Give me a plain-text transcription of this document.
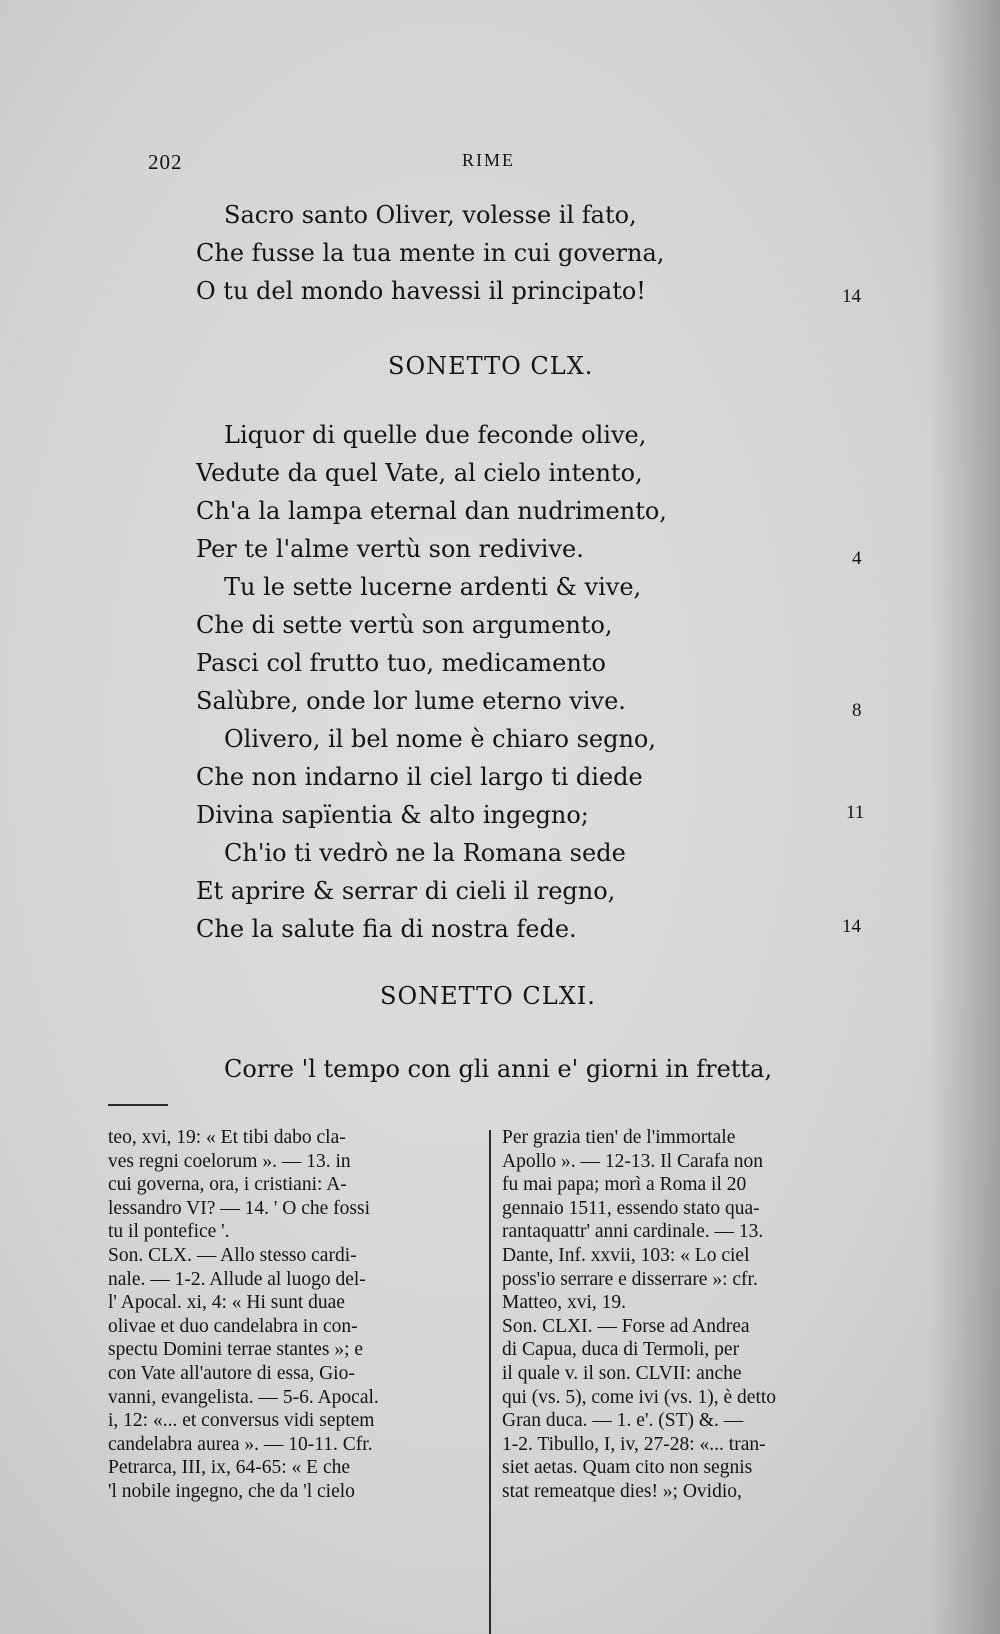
202	RIME
Sacro santo Oliver, volesse il fato,
Che fusse la tua mente in cui governa,
O tu del mondo havessi il principato!	14
SONETTO CLX.
Liquor di quelle due feconde olive,
Vedute da quel Vate, al cielo intento,
Ch'a la lampa eternal dan nudrimento,
Per te l'alme vertù son redivive.
Tu le sette lucerne ardenti & vive,
Che di sette vertù son argumento,
Pasci col frutto tuo, medicamento
Salùbre, onde lor lume eterno vive.
Olivero, il bel nome è chiaro segno,
Che non indarno il ciel largo ti diede
Divina sapïentia & alto ingegno;
Ch'io ti vedrò ne la Romana sede
Et aprire & serrar di cieli il regno,
Che la salute fia di nostra fede.
4
8
11
14
SONETTO CLXI.
Corre 'l tempo con gli anni e' giorni in fretta,
teo, xvi, 19: « Et tibi dabo cla-
ves regni coelorum ». — 13. in
cui governa, ora, i cristiani: A-
lessandro VI? — 14. ' O che fossi
tu il pontefice '.
Son. CLX. — Allo stesso cardi-
nale. — 1-2. Allude al luogo del-
l' Apocal. xi, 4: « Hi sunt duae
olivae et duo candelabra in con-
spectu Domini terrae stantes »; e
con Vate all'autore di essa, Gio-
vanni, evangelista. — 5-6. Apocal.
i, 12: «... et conversus vidi septem
candelabra aurea ». — 10-11. Cfr.
Petrarca, III, ix, 64-65: « E che
'l nobile ingegno, che da 'l cielo
Per grazia tien' de l'immortale
Apollo ». — 12-13. Il Carafa non
fu mai papa; morì a Roma il 20
gennaio 1511, essendo stato qua-
rantaquattr' anni cardinale. — 13.
Dante, Inf. xxvii, 103: « Lo ciel
poss'io serrare e disserrare »: cfr.
Matteo, xvi, 19.
Son. CLXI. — Forse ad Andrea
di Capua, duca di Termoli, per
il quale v. il son. CLVII: anche
qui (vs. 5), come ivi (vs. 1), è detto
Gran duca. — 1. e'. (ST) &. —
1-2. Tibullo, I, iv, 27-28: «... tran-
siet aetas. Quam cito non segnis
stat remeatque dies! »; Ovidio,
